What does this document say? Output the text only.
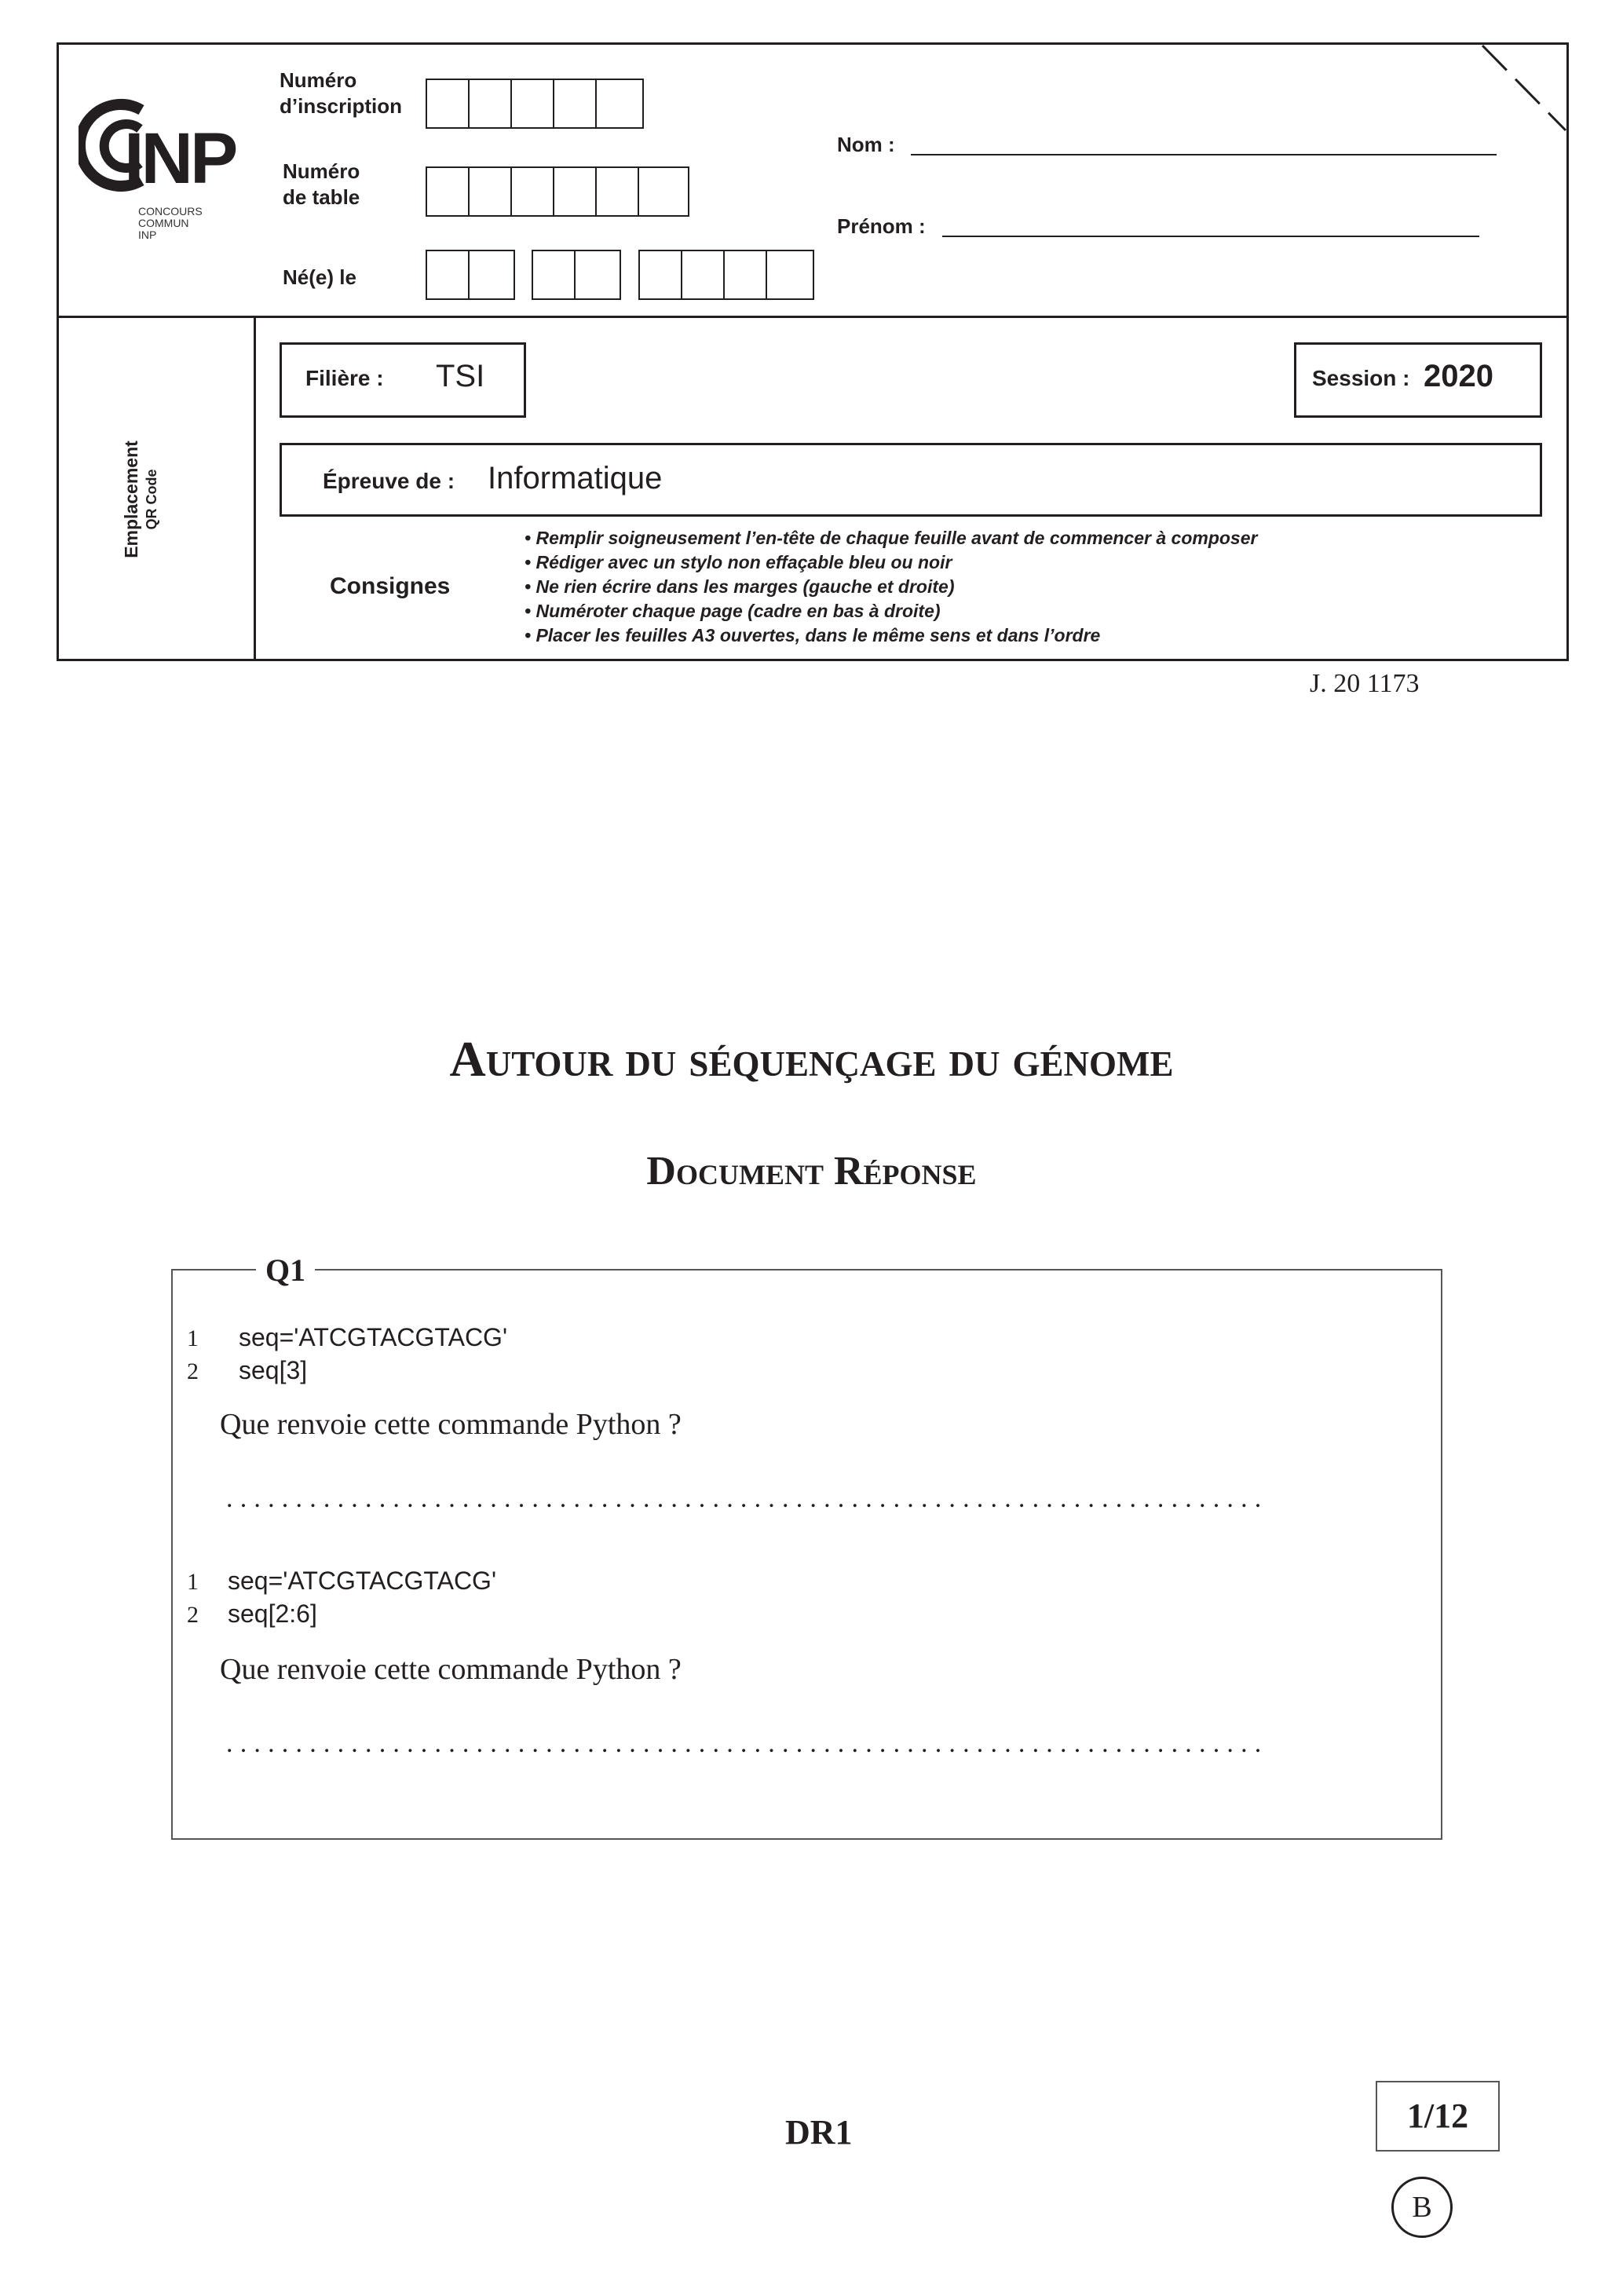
INP
CONCOURS
COMMUN
INP
Numéro
d’inscription
Numéro
de table
Né(e) le
Nom :
Prénom :
Emplacement QR Code
Filière : TSI	Session : 2020
Épreuve de : Informatique
Consignes
• Remplir soigneusement l’en-tête de chaque feuille avant de commencer à composer
• Rédiger avec un stylo non effaçable bleu ou noir
• Ne rien écrire dans les marges (gauche et droite)
• Numéroter chaque page (cadre en bas à droite)
• Placer les feuilles A3 ouvertes, dans le même sens et dans l’ordre
J. 20 1173
Autour du séquençage du génome
Document Réponse
Q1
1	seq='ATCGTACGTACG'
2	seq[3]
Que renvoie cette commande Python ?
...........................................................................
1	seq='ATCGTACGTACG'
2	seq[2:6]
Que renvoie cette commande Python ?
...........................................................................
DR1	1/12
B
